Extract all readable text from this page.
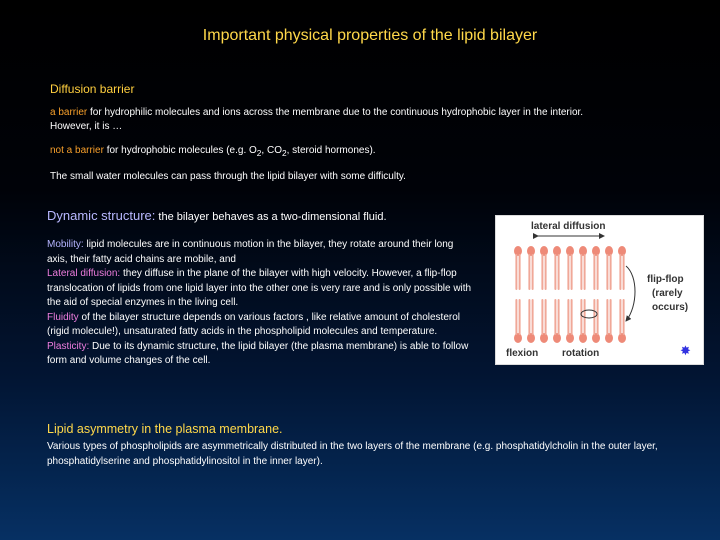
Important physical properties of the lipid bilayer
Diffusion barrier

a barrier for hydrophilic molecules and ions across the membrane due to the continuous hydrophobic layer in the interior.
However, it is …

not a barrier for hydrophobic molecules (e.g. $O_2$, $CO_2$, steroid hormones).

The small water molecules can pass through the lipid bilayer with some difficulty.

Dynamic structure: the bilayer behaves as a two-dimensional fluid.
Mobility: lipid molecules are in continuous motion in the bilayer, they rotate around their long axis, their fatty acid chains are mobile, and
Lateral diffusion: they diffuse in the plane of the bilayer with high velocity. However, a flip-flop translocation of lipids from one lipid layer into the other one is very rare and is only possible with the aid of special enzymes in the living cell.
Fluidity of the bilayer structure depends on various factors , like relative amount of cholesterol (rigid molecule!), unsaturated fatty acids in the phospholipid molecules and temperature.
Plasticity: Due to its dynamic structure, the lipid bilayer (the plasma membrane) is able to follow form and volume changes of the cell.
lateral diffusion
flip-flop
(rarely
occurs)
flexion rotation	✸
Lipid asymmetry in the plasma membrane.
Various types of phospholipids are asymmetrically distributed in the two layers of the membrane (e.g. phosphatidylcholin in the outer layer, phosphatidylserine and phosphatidylinositol in the inner layer).
